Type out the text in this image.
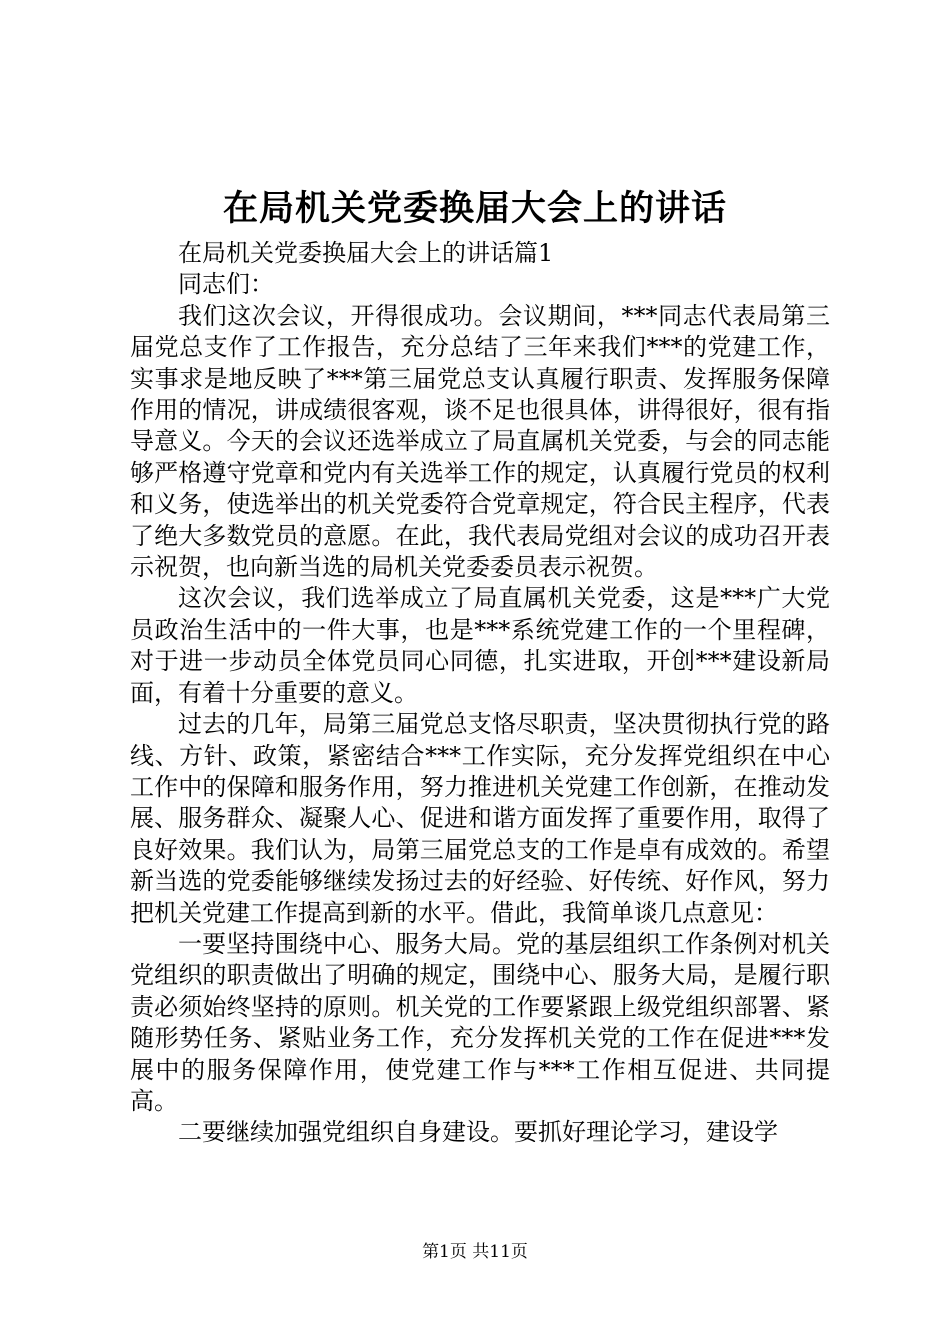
在局机关党委换届大会上的讲话

在局机关党委换届大会上的讲话篇1

同志们：

我们这次会议，开得很成功。会议期间，***同志代表局第三届党总支作了工作报告，充分总结了三年来我们***的党建工作，实事求是地反映了***第三届党总支认真履行职责、发挥服务保障作用的情况，讲成绩很客观，谈不足也很具体，讲得很好，很有指导意义。今天的会议还选举成立了局直属机关党委，与会的同志能够严格遵守党章和党内有关选举工作的规定，认真履行党员的权利和义务，使选举出的机关党委符合党章规定，符合民主程序，代表了绝大多数党员的意愿。在此，我代表局党组对会议的成功召开表示祝贺，也向新当选的局机关党委委员表示祝贺。

这次会议，我们选举成立了局直属机关党委，这是***广大党员政治生活中的一件大事，也是***系统党建工作的一个里程碑，对于进一步动员全体党员同心同德，扎实进取，开创***建设新局面，有着十分重要的意义。

过去的几年，局第三届党总支恪尽职责，坚决贯彻执行党的路线、方针、政策，紧密结合***工作实际，充分发挥党组织在中心工作中的保障和服务作用，努力推进机关党建工作创新，在推动发展、服务群众、凝聚人心、促进和谐方面发挥了重要作用，取得了良好效果。我们认为，局第三届党总支的工作是卓有成效的。希望新当选的党委能够继续发扬过去的好经验、好传统、好作风，努力把机关党建工作提高到新的水平。借此，我简单谈几点意见：

一要坚持围绕中心、服务大局。党的基层组织工作条例对机关党组织的职责做出了明确的规定，围绕中心、服务大局，是履行职责必须始终坚持的原则。机关党的工作要紧跟上级党组织部署、紧随形势任务、紧贴业务工作，充分发挥机关党的工作在促进***发展中的服务保障作用，使党建工作与***工作相互促进、共同提高。

二要继续加强党组织自身建设。要抓好理论学习，建设学

第1页 共11页
